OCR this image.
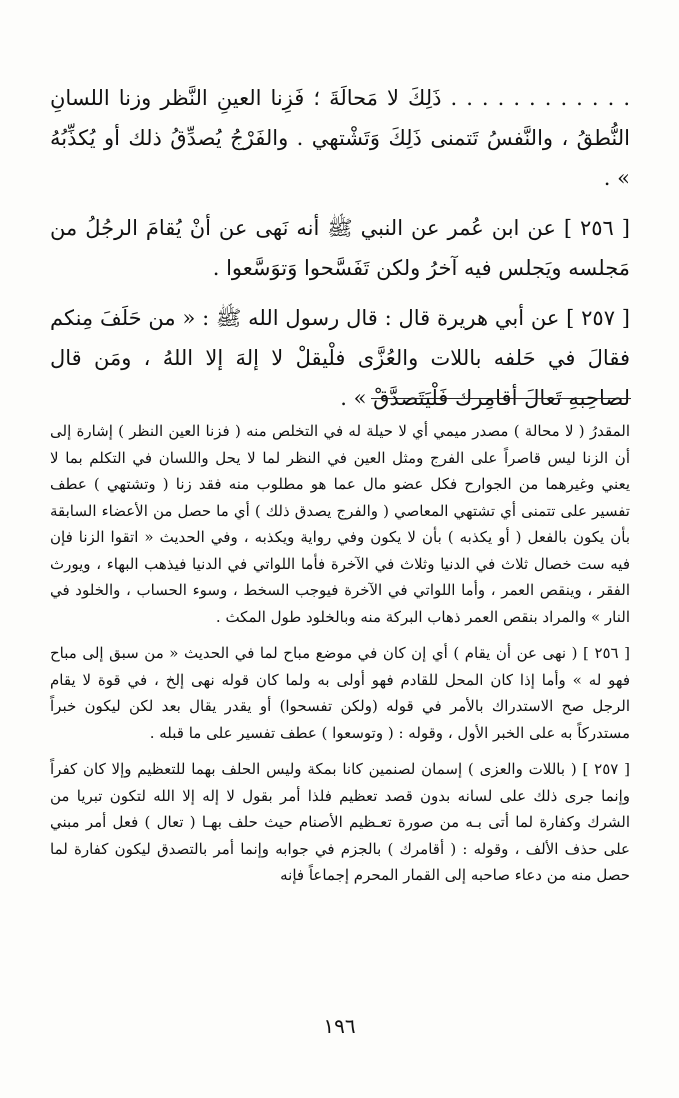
. . . . . . . . . . . . ذَلِكَ لا مَحالَةَ ؛ فَزِنا العينِ النَّظر وزنا اللسانِ النُّطقُ ، والنَّفسُ تَتمنى ذَلِكَ وَتَشْتهي . والفَرْجُ يُصدِّقُ ذلك أو يُكذِّبُهُ » .

[ ٢٥٦ ] عن ابن عُمر عن النبي ﷺ أنه نَهى عن أنْ يُقامَ الرجُلُ من مَجلسه ويَجلس فيه آخرُ ولكن تَفَسَّحوا وَتوَسَّعوا .

[ ٢٥٧ ] عن أبي هريرة قال : قال رسول الله ﷺ : « من حَلَفَ مِنكم فقالَ في حَلفه باللات والعُزَّى فلْيقلْ لا إلهَ إلا اللهُ ، ومَن قال لصاحِبهِ تَعالَ أقامِرك فَلْيَتَصدَّقْ » .

المقدرُ ( لا محالة ) مصدر ميمي أي لا حيلة له في التخلص منه ( فزنا العين النظر ) إشارة إلى أن الزنا ليس قاصراً على الفرج ومثل العين في النظر لما لا يحل واللسان في التكلم بما لا يعني وغيرهما من الجوارح فكل عضو مال عما هو مطلوب منه فقد زنا ( وتشتهي ) عطف تفسير على تتمنى أي تشتهي المعاصي ( والفرج يصدق ذلك ) أي ما حصل من الأعضاء السابقة بأن يكون بالفعل ( أو يكذبه ) بأن لا يكون وفي رواية ويكذبه ، وفي الحديث « اتقوا الزنا فإن فيه ست خصال ثلاث في الدنيا وثلاث في الآخرة فأما اللواتي في الدنيا فيذهب البهاء ، ويورث الفقر ، وينقص العمر ، وأما اللواتي في الآخرة فيوجب السخط ، وسوء الحساب ، والخلود في النار » والمراد بنقص العمر ذهاب البركة منه وبالخلود طول المكث .

[ ٢٥٦ ] ( نهى عن أن يقام ) أي إن كان في موضع مباح لما في الحديث « من سبق إلى مباح فهو له » وأما إذا كان المحل للقادم فهو أولى به ولما كان قوله نهى إلخ ، في قوة لا يقام الرجل صح الاستدراك بالأمر في قوله (ولكن تفسحوا) أو يقدر يقال بعد لكن ليكون خبراً مستدركاً به على الخبر الأول ، وقوله : ( وتوسعوا ) عطف تفسير على ما قبله .

[ ٢٥٧ ] ( باللات والعزى ) إسمان لصنمين كانا بمكة وليس الحلف بهما للتعظيم وإلا كان كفراً وإنما جرى ذلك على لسانه بدون قصد تعظيم فلذا أمر بقول لا إله إلا الله لتكون تبريا من الشرك وكفارة لما أتى بـه من صورة تعـظيم الأصنام حيث حلف بهـا ( تعال ) فعل أمر مبني على حذف الألف ، وقوله : ( أقامرك ) بالجزم في جوابه وإنما أمر بالتصدق ليكون كفارة لما حصل منه من دعاء صاحبه إلى القمار المحرم إجماعاً فإنه

١٩٦
